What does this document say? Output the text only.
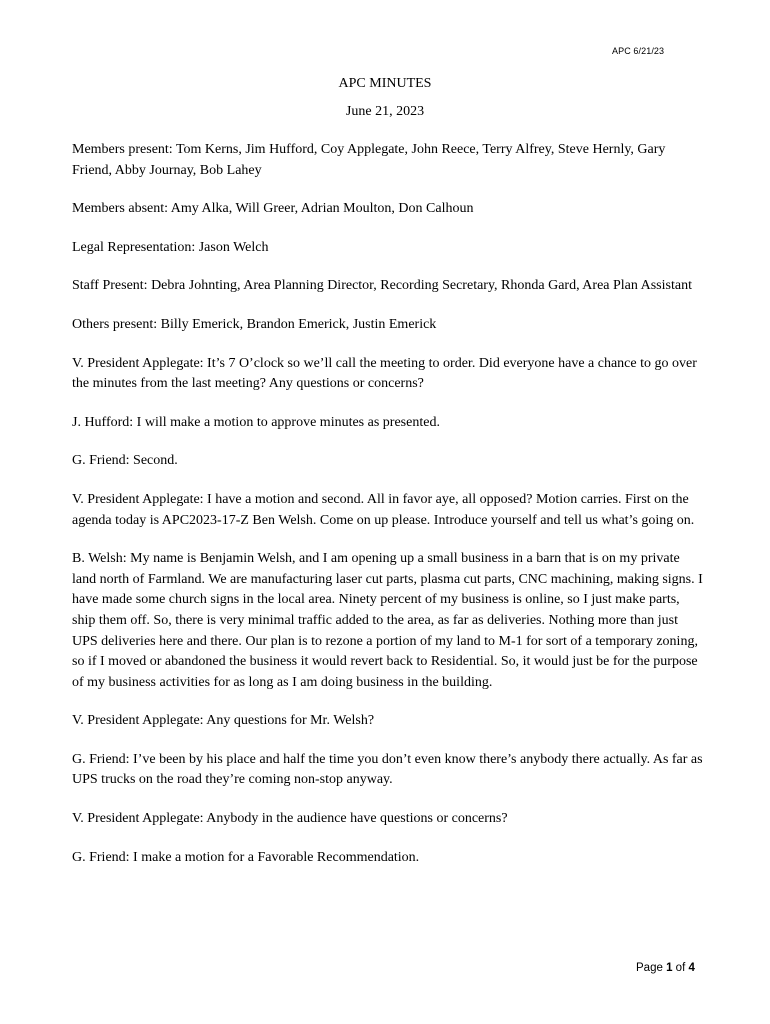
APC 6/21/23
APC MINUTES
June 21, 2023

Members present: Tom Kerns, Jim Hufford, Coy Applegate, John Reece, Terry Alfrey, Steve Hernly, Gary Friend, Abby Journay, Bob Lahey

Members absent: Amy Alka, Will Greer, Adrian Moulton, Don Calhoun

Legal Representation: Jason Welch

Staff Present: Debra Johnting, Area Planning Director, Recording Secretary, Rhonda Gard, Area Plan Assistant

Others present: Billy Emerick, Brandon Emerick, Justin Emerick

V. President Applegate: It’s 7 O’clock so we’ll call the meeting to order. Did everyone have a chance to go over the minutes from the last meeting? Any questions or concerns?

J. Hufford: I will make a motion to approve minutes as presented.

G. Friend: Second.

V. President Applegate: I have a motion and second. All in favor aye, all opposed? Motion carries. First on the agenda today is APC2023-17-Z Ben Welsh. Come on up please. Introduce yourself and tell us what’s going on.

B. Welsh: My name is Benjamin Welsh, and I am opening up a small business in a barn that is on my private land north of Farmland. We are manufacturing laser cut parts, plasma cut parts, CNC machining, making signs. I have made some church signs in the local area. Ninety percent of my business is online, so I just make parts, ship them off. So, there is very minimal traffic added to the area, as far as deliveries. Nothing more than just UPS deliveries here and there. Our plan is to rezone a portion of my land to M-1 for sort of a temporary zoning, so if I moved or abandoned the business it would revert back to Residential. So, it would just be for the purpose of my business activities for as long as I am doing business in the building.

V. President Applegate: Any questions for Mr. Welsh?

G. Friend: I’ve been by his place and half the time you don’t even know there’s anybody there actually. As far as UPS trucks on the road they’re coming non-stop anyway.

V. President Applegate: Anybody in the audience have questions or concerns?

G. Friend: I make a motion for a Favorable Recommendation.

Page 1 of 4
